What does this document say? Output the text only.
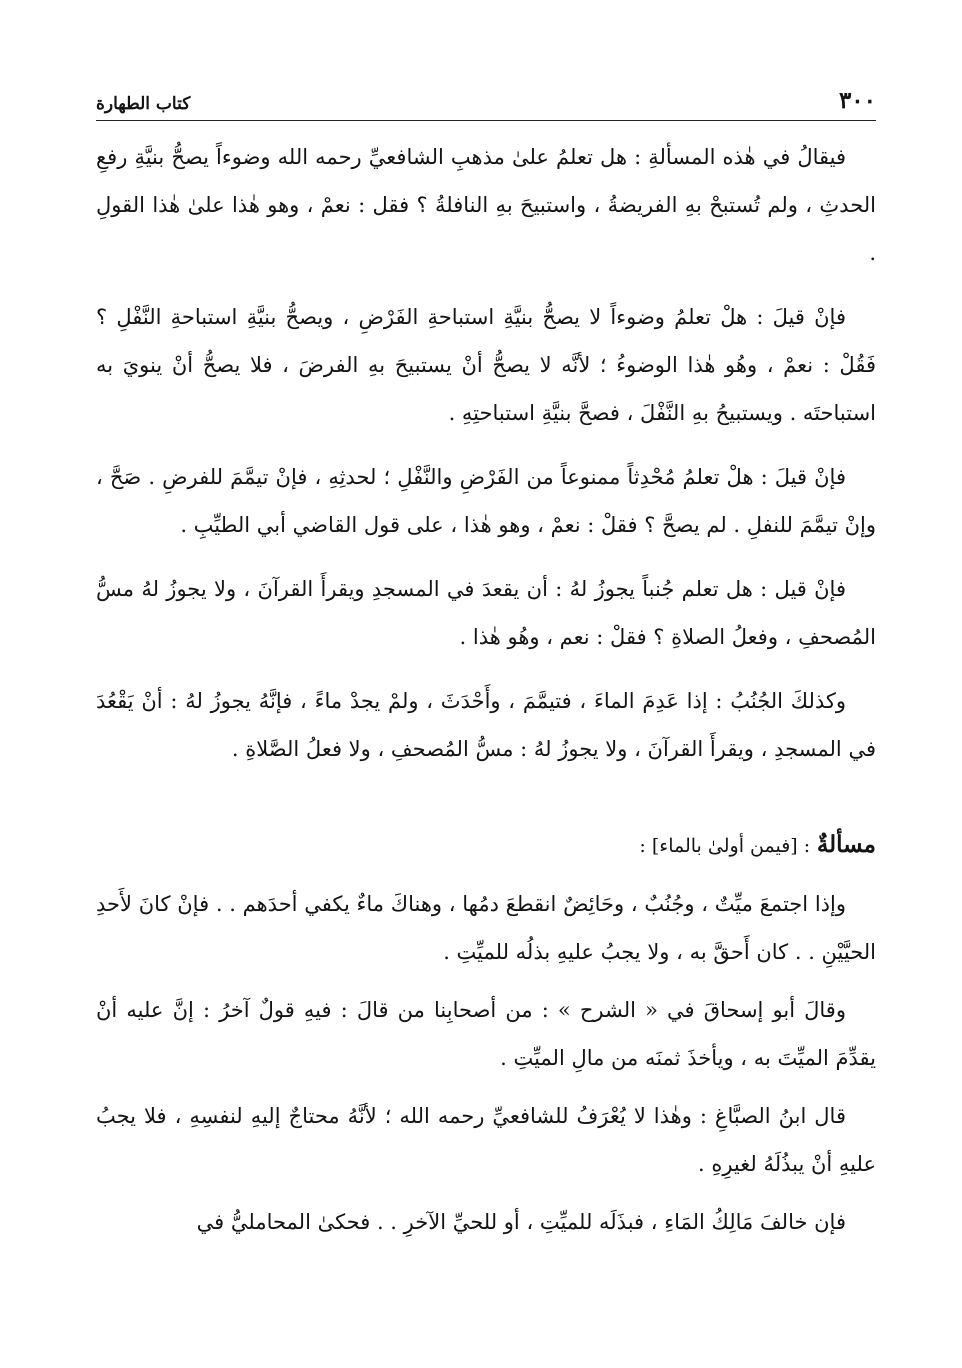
٣٠٠
كتاب الطهارة

فيقالُ في هٰذه المسألةِ : هل تعلمُ علىٰ مذهبِ الشافعيِّ رحمه الله وضوءاً يصحُّ بنيَّةِ رفعِ الحدثِ ، ولم تُستبحْ بهِ الفريضةُ ، واستبيحَ بهِ النافلةُ ؟ فقل : نعمْ ، وهو هٰذا علىٰ هٰذا القولِ .

فإنْ قيلَ : هلْ تعلمُ وضوءاً لا يصحُّ بنيَّةِ استباحةِ الفَرْضِ ، ويصحُّ بنيَّةِ استباحةِ النَّفْلِ ؟ فَقُلْ : نعمْ ، وهُو هٰذا الوضوءُ ؛ لأنَّه لا يصحُّ أنْ يستبيحَ بهِ الفرضَ ، فلا يصحُّ أنْ ينويَ به استباحتَه . ويستبيحُ بهِ النَّفْلَ ، فصحَّ بنيَّةِ استباحتِهِ .

فإنْ قيلَ : هلْ تعلمُ مُحْدِثاً ممنوعاً من الفَرْضِ والنَّفْلِ ؛ لحدثِهِ ، فإنْ تيمَّمَ للفرضِ . صَحَّ ، وإنْ تيمَّمَ للنفلِ . لم يصحَّ ؟ فقلْ : نعمْ ، وهو هٰذا ، على قول القاضي أبي الطيِّبِ .

فإنْ قيل : هل تعلم جُنباً يجوزُ لهُ : أن يقعدَ في المسجدِ ويقرأَ القرآنَ ، ولا يجوزُ لهُ مسُّ المُصحفِ ، وفعلُ الصلاةِ ؟ فقلْ : نعم ، وهُو هٰذا .

وكذلكَ الجُنُبُ : إذا عَدِمَ الماءَ ، فتيمَّمَ ، وأَحْدَثَ ، ولمْ يجدْ ماءً ، فإنَّهُ يجوزُ لهُ : أنْ يَقْعُدَ في المسجدِ ، ويقرأَ القرآنَ ، ولا يجوزُ لهُ : مسُّ المُصحفِ ، ولا فعلُ الصَّلاةِ .

مسألةٌ : [فيمن أولىٰ بالماء] :

وإذا اجتمعَ ميِّتٌ ، وجُنُبٌ ، وحَائِضٌ انقطعَ دمُها ، وهناكَ ماءٌ يكفي أحدَهم . . فإنْ كانَ لأَحدِ الحيَّيْنِ . . كان أَحقَّ به ، ولا يجبُ عليهِ بذلُه للميِّتِ .

وقالَ أبو إسحاقَ في « الشرح » : من أصحابِنا من قالَ : فيهِ قولٌ آخرُ : إنَّ عليه أنْ يقدِّمَ الميِّتَ به ، ويأخذَ ثمنَه من مالِ الميِّتِ .

قال ابنُ الصبَّاغِ : وهٰذا لا يُعْرَفُ للشافعيِّ رحمه الله ؛ لأنَّهُ محتاجٌ إليهِ لنفسِهِ ، فلا يجبُ عليهِ أنْ يبذُلَهُ لغيرِهِ .

فإن خالفَ مَالِكُ المَاءِ ، فبذَلَه للميِّتِ ، أو للحيِّ الآخرِ . . فحكىٰ المحامليُّ في
